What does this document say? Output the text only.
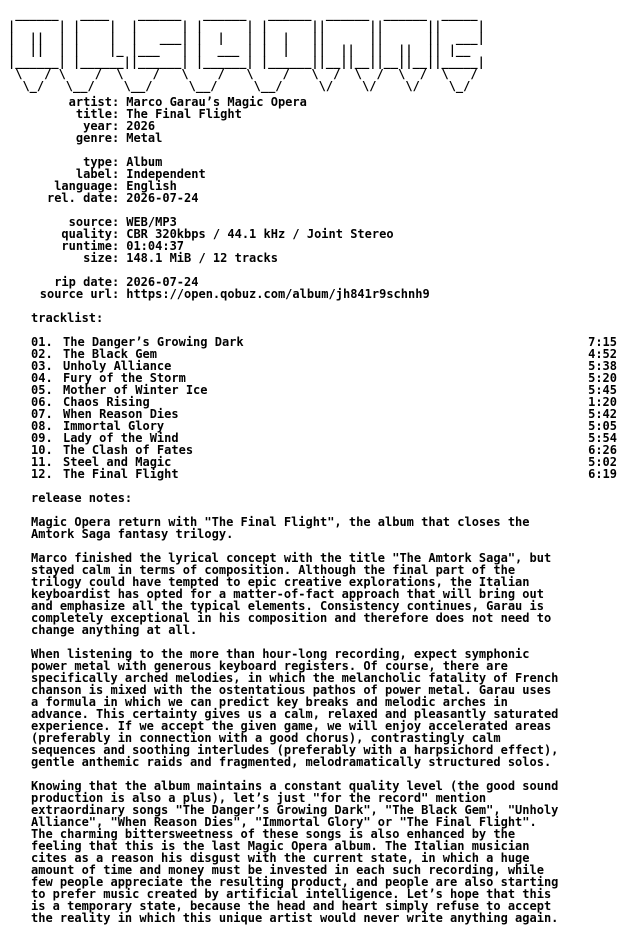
______   ____    ______   ______   ______  ______  ______  _____
|      | |    |  |      | |      | |      ||      ||      ||     |
|  ||  | |    |  |   ___| |  |   | |  |   ||      ||      ||  ___|
|  ||  | |    |_ |___   | |  ___ | |  |   ||  ||  ||  ||  || |__
|______| |______||______| |______| |______||__||__||__||__||_____|
\   / \    /  \    /   \    /   \    /   \  /  \  /  \  /  \   /
\_/   \__/    \__/     \__/     \__/     \/    \/    \/    \_/
artist: Marco Garau’s Magic Opera
title: The Final Flight
year: 2026
genre: Metal
type: Album
label: Independent
language: English
rel. date: 2026-07-24
source: WEB/MP3
quality: CBR 320kbps / 44.1 kHz / Joint Stereo
runtime: 01:04:37
size: 148.1 MiB / 12 tracks
rip date: 2026-07-24
source url: https://open.qobuz.com/album/jh841r9schnh9
tracklist:
01. The Danger’s Growing Dark	7:15
02. The Black Gem	4:52
03. Unholy Alliance	5:38
04. Fury of the Storm	5:20
05. Mother of Winter Ice	5:45
06. Chaos Rising	1:20
07. When Reason Dies	5:42
08. Immortal Glory	5:05
09. Lady of the Wind	5:54
10. The Clash of Fates	6:26
11. Steel and Magic	5:02
12. The Final Flight	6:19
release notes:
Magic Opera return with "The Final Flight", the album that closes the
Amtork Saga fantasy trilogy.
Marco finished the lyrical concept with the title "The Amtork Saga", but
stayed calm in terms of composition. Although the final part of the
trilogy could have tempted to epic creative explorations, the Italian
keyboardist has opted for a matter-of-fact approach that will bring out
and emphasize all the typical elements. Consistency continues, Garau is
completely exceptional in his composition and therefore does not need to
change anything at all.
When listening to the more than hour-long recording, expect symphonic
power metal with generous keyboard registers. Of course, there are
specifically arched melodies, in which the melancholic fatality of French
chanson is mixed with the ostentatious pathos of power metal. Garau uses
a formula in which we can predict key breaks and melodic arches in
advance. This certainty gives us a calm, relaxed and pleasantly saturated
experience. If we accept the given game, we will enjoy accelerated areas
(preferably in connection with a good chorus), contrastingly calm
sequences and soothing interludes (preferably with a harpsichord effect),
gentle anthemic raids and fragmented, melodramatically structured solos.
Knowing that the album maintains a constant quality level (the good sound
production is also a plus), let’s just "for the record" mention
extraordinary songs "The Danger’s Growing Dark", "The Black Gem", "Unholy
Alliance", "When Reason Dies", "Immortal Glory" or "The Final Flight".
The charming bittersweetness of these songs is also enhanced by the
feeling that this is the last Magic Opera album. The Italian musician
cites as a reason his disgust with the current state, in which a huge
amount of time and money must be invested in each such recording, while
few people appreciate the resulting product, and people are also starting
to prefer music created by artificial intelligence. Let’s hope that this
is a temporary state, because the head and heart simply refuse to accept
the reality in which this unique artist would never write anything again.
